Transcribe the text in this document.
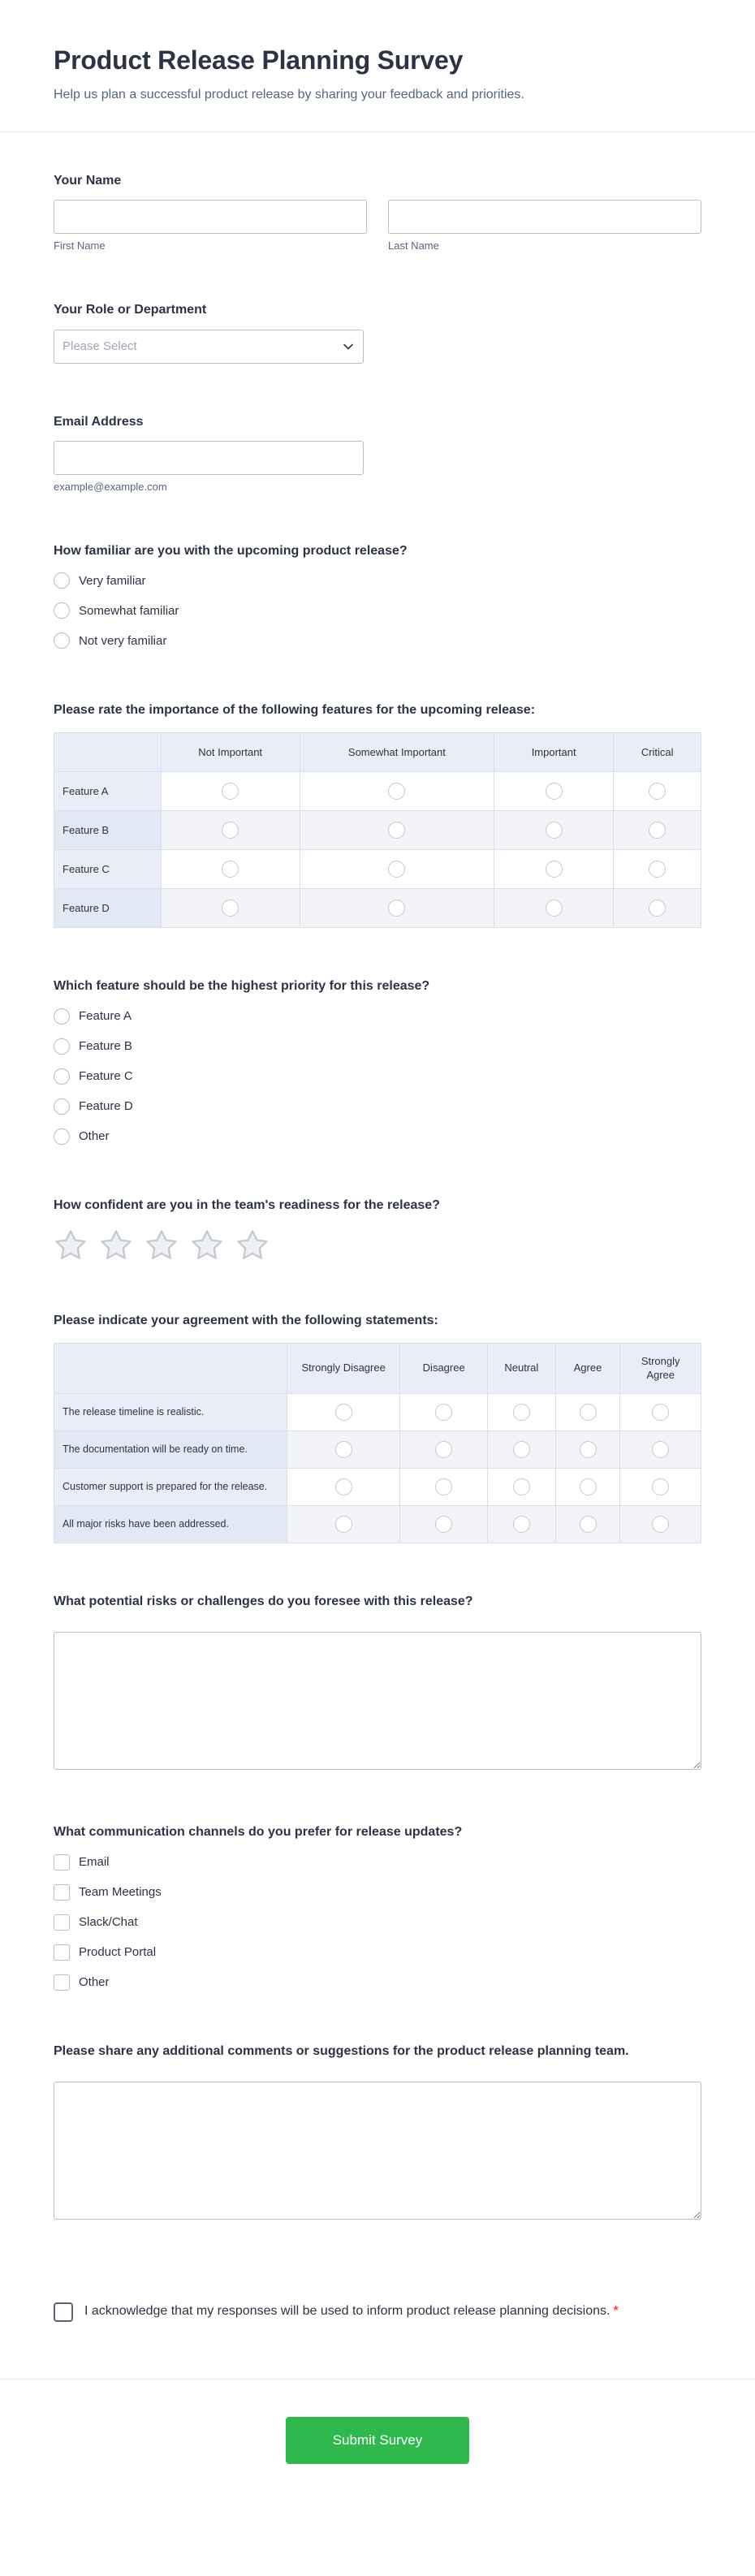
Product Release Planning Survey
Help us plan a successful product release by sharing your feedback and priorities.
Your Name
First Name	Last Name
Your Role or Department
Please Select
Email Address
example@example.com
How familiar are you with the upcoming product release?
Very familiar
Somewhat familiar
Not very familiar
Please rate the importance of the following features for the upcoming release:
	Not Important	Somewhat Important	Important	Critical
Feature A	

Feature B	

Feature C	

Feature D	

Which feature should be the highest priority for this release?
Feature A
Feature B
Feature C
Feature D
Other
How confident are you in the team's readiness for the release?
Please indicate your agreement with the following statements:
	Strongly Disagree	Disagree	Neutral	Agree	Strongly Agree
The release timeline is realistic.	

The documentation will be ready on time.	

Customer support is prepared for the release.	

All major risks have been addressed.	

What potential risks or challenges do you foresee with this release?
What communication channels do you prefer for release updates?
Email
Team Meetings
Slack/Chat
Product Portal
Other
Please share any additional comments or suggestions for the product release planning team.
I acknowledge that my responses will be used to inform product release planning decisions. *
Submit Survey
